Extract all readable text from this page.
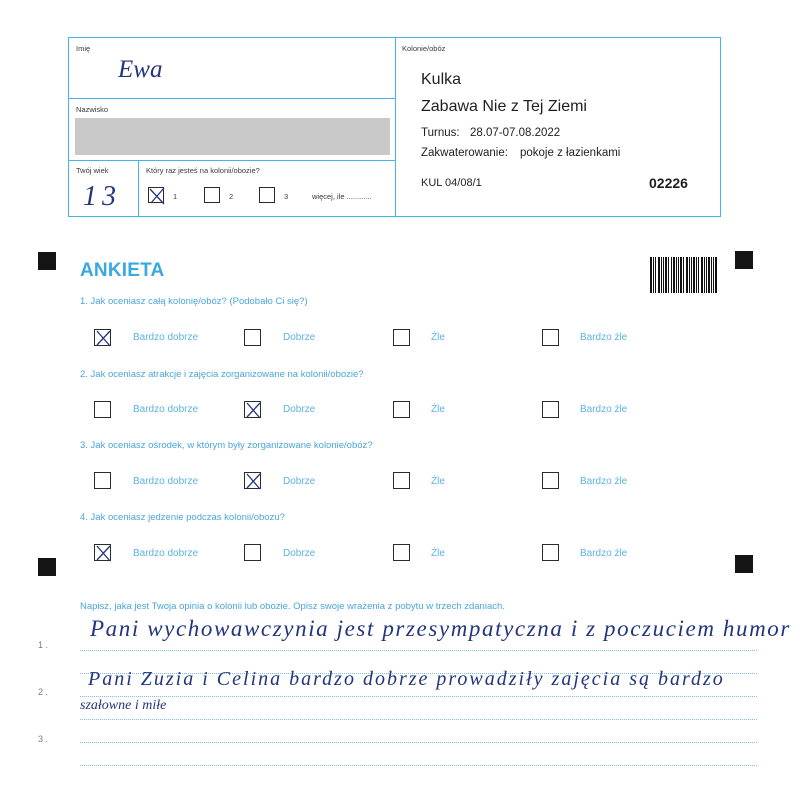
Imię
Ewa
Nazwisko
Twój wiek
13
Który raz jesteś na kolonii/obozie?
1	2	3	więcej, ile ............
Kolonie/obóz
Kulka
Zabawa Nie z Tej Ziemi
Turnus: 28.07-07.08.2022
Zakwaterowanie: pokoje z łazienkami
KUL 04/08/1	02226
ANKIETA
1. Jak oceniasz całą kolonię/obóz? (Podobało Ci się?)
Bardzo dobrze	Dobrze	Źle	Bardzo źle
2. Jak oceniasz atrakcje i zajęcia zorganizowane na kolonii/obozie?
Bardzo dobrze	Dobrze	Źle	Bardzo źle
3. Jak oceniasz ośrodek, w którym były zorganizowane kolonie/obóz?
Bardzo dobrze	Dobrze	Źle	Bardzo źle
4. Jak oceniasz jedzenie podczas kolonii/obozu?
Bardzo dobrze	Dobrze	Źle	Bardzo źle
Napisz, jaka jest Twoja opinia o kolonii lub obozie. Opisz swoje wrażenia z pobytu w trzech zdaniach.
1 .
2 .
3 .
Pani wychowawczynia jest przesympatyczna i z poczuciem humor
Pani Zuzia i Celina bardzo dobrze prowadziły zajęcia są bardzo
szałowne i miłe
